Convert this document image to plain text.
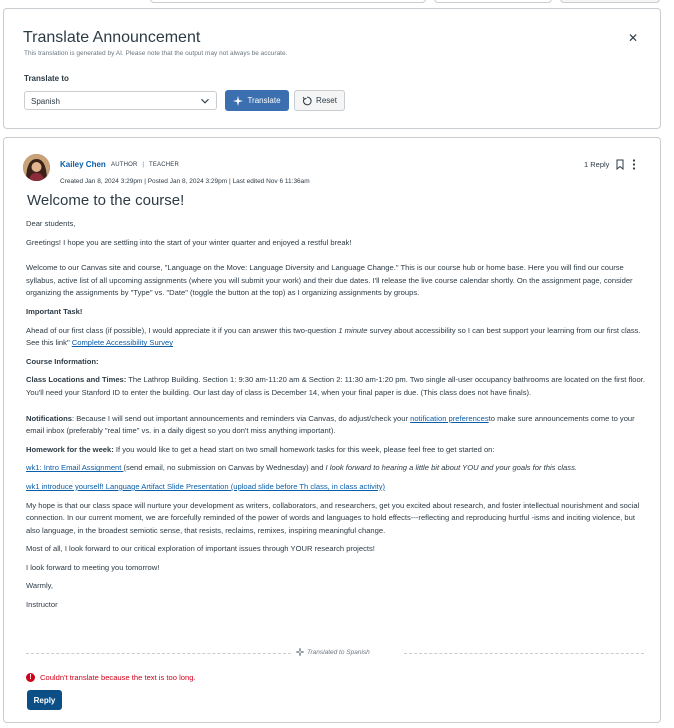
Translate Announcement
This translation is generated by AI. Please note that the output may not always be accurate.
✕
Translate to
Spanish	Translate	Reset
Kailey Chen AUTHOR | TEACHER
Created Jan 8, 2024 3:29pm | Posted Jan 8, 2024 3:29pm | Last edited Nov 6 11:36am
1 Reply
Welcome to the course!

Dear students,

Greetings! I hope you are settling into the start of your winter quarter and enjoyed a restful break!

Welcome to our Canvas site and course, "Language on the Move: Language Diversity and Language Change." This is our course hub or home base. Here you will find our course syllabus, active list of all upcoming assignments (where you will submit your work) and their due dates. I'll release the live course calendar shortly. On the assignment page, consider organizing the assignments by "Type" vs. "Date" (toggle the button at the top) as I organizing assignments by groups.

Important Task!

Ahead of our first class (if possible), I would appreciate it if you can answer this two-question 1 minute survey about accessibility so I can best support your learning from our first class. See this link" Complete Accessibility Survey

Course Information:

Class Locations and Times: The Lathrop Building. Section 1: 9:30 am-11:20 am & Section 2: 11:30 am-1:20 pm. Two single all-user occupancy bathrooms are located on the first floor. You'll need your Stanford ID to enter the building. Our last day of class is December 14, when your final paper is due. (This class does not have finals).

Notifications: Because I will send out important announcements and reminders via Canvas, do adjust/check your notification preferencesto make sure announcements come to your email inbox (preferably "real time" vs. in a daily digest so you don't miss anything important).

Homework for the week: If you would like to get a head start on two small homework tasks for this week, please feel free to get started on:

wk1: Intro Email Assignment (send email, no submission on Canvas by Wednesday) and I look forward to hearing a little bit about YOU and your goals for this class.

wk1 introduce yourself! Language Artifact Slide Presentation (upload slide before Th class, in class activity)

My hope is that our class space will nurture your development as writers, collaborators, and researchers, get you excited about research, and foster intellectual nourishment and social connection. In our current moment, we are forcefully reminded of the power of words and languages to hold effects---reflecting and reproducing hurtful -isms and inciting violence, but also language, in the broadest semiotic sense, that resists, reclaims, remixes, inspiring meaningful change.

Most of all, I look forward to our critical exploration of important issues through YOUR research projects!

I look forward to meeting you tomorrow!

Warmly,

Instructor

Translated to Spanish
!	Couldn't translate because the text is too long.
Reply
